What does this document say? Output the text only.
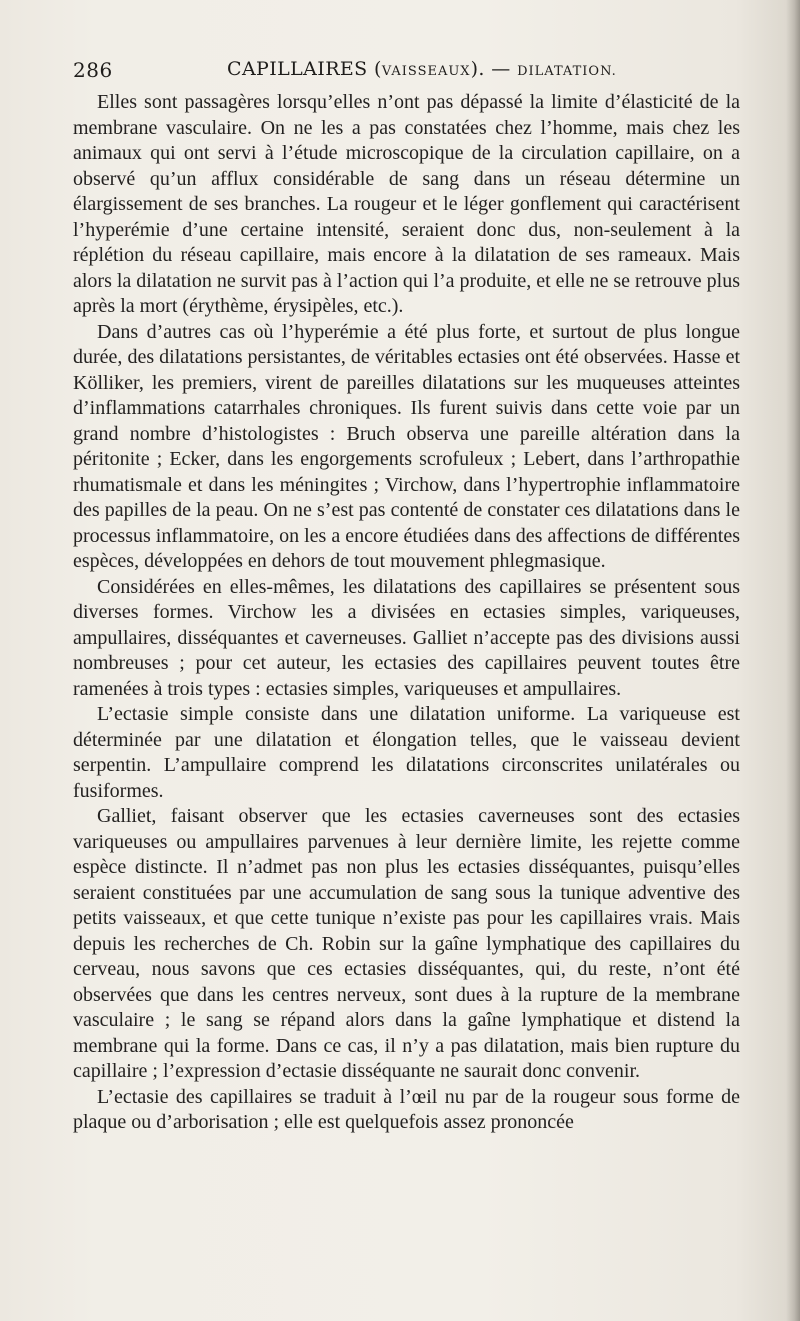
286	CAPILLAIRES (VAISSEAUX). — DILATATION.

Elles sont passagères lorsqu’elles n’ont pas dépassé la limite d’élasticité de la membrane vasculaire. On ne les a pas constatées chez l’homme, mais chez les animaux qui ont servi à l’étude microscopique de la circulation capillaire, on a observé qu’un afflux considérable de sang dans un réseau détermine un élargissement de ses branches. La rougeur et le léger gonflement qui caractérisent l’hyperémie d’une certaine intensité, seraient donc dus, non-seulement à la réplétion du réseau capillaire, mais encore à la dilatation de ses rameaux. Mais alors la dilatation ne survit pas à l’action qui l’a produite, et elle ne se retrouve plus après la mort (érythème, érysipèles, etc.).

Dans d’autres cas où l’hyperémie a été plus forte, et surtout de plus longue durée, des dilatations persistantes, de véritables ectasies ont été observées. Hasse et Kölliker, les premiers, virent de pareilles dilatations sur les muqueuses atteintes d’inflammations catarrhales chroniques. Ils furent suivis dans cette voie par un grand nombre d’histologistes : Bruch observa une pareille altération dans la péritonite ; Ecker, dans les engorgements scrofuleux ; Lebert, dans l’arthropathie rhumatismale et dans les méningites ; Virchow, dans l’hypertrophie inflammatoire des papilles de la peau. On ne s’est pas contenté de constater ces dilatations dans le processus inflammatoire, on les a encore étudiées dans des affections de différentes espèces, développées en dehors de tout mouvement phlegmasique.

Considérées en elles-mêmes, les dilatations des capillaires se présentent sous diverses formes. Virchow les a divisées en ectasies simples, variqueuses, ampullaires, disséquantes et caverneuses. Galliet n’accepte pas des divisions aussi nombreuses ; pour cet auteur, les ectasies des capillaires peuvent toutes être ramenées à trois types : ectasies simples, variqueuses et ampullaires.

L’ectasie simple consiste dans une dilatation uniforme. La variqueuse est déterminée par une dilatation et élongation telles, que le vaisseau devient serpentin. L’ampullaire comprend les dilatations circonscrites unilatérales ou fusiformes.

Galliet, faisant observer que les ectasies caverneuses sont des ectasies variqueuses ou ampullaires parvenues à leur dernière limite, les rejette comme espèce distincte. Il n’admet pas non plus les ectasies disséquantes, puisqu’elles seraient constituées par une accumulation de sang sous la tunique adventive des petits vaisseaux, et que cette tunique n’existe pas pour les capillaires vrais. Mais depuis les recherches de Ch. Robin sur la gaîne lymphatique des capillaires du cerveau, nous savons que ces ectasies disséquantes, qui, du reste, n’ont été observées que dans les centres nerveux, sont dues à la rupture de la membrane vasculaire ; le sang se répand alors dans la gaîne lymphatique et distend la membrane qui la forme. Dans ce cas, il n’y a pas dilatation, mais bien rupture du capillaire ; l’expression d’ectasie disséquante ne saurait donc convenir.

L’ectasie des capillaires se traduit à l’œil nu par de la rougeur sous forme de plaque ou d’arborisation ; elle est quelquefois assez prononcée
